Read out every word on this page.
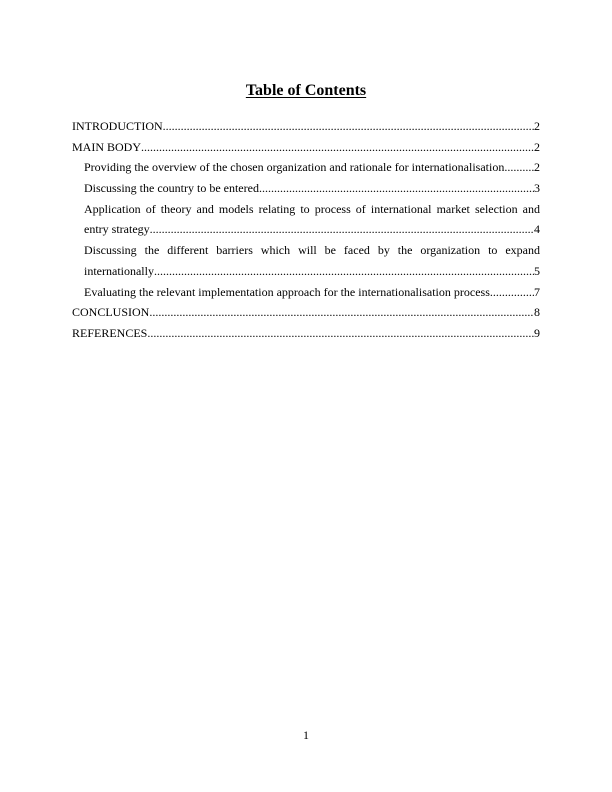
Table of Contents
INTRODUCTION .....	2
MAIN BODY .....	2
Providing the overview of the chosen organization and rationale for internationalisation ..... 2
Discussing the country to be entered .....	3
Application of theory and models relating to process of international market selection and
entry strategy .....	4
Discussing the different barriers which will be faced by the organization to expand
internationally .....	5
Evaluating the relevant implementation approach for the internationalisation process .....	7
CONCLUSION .....	8
REFERENCES .....	9
1
